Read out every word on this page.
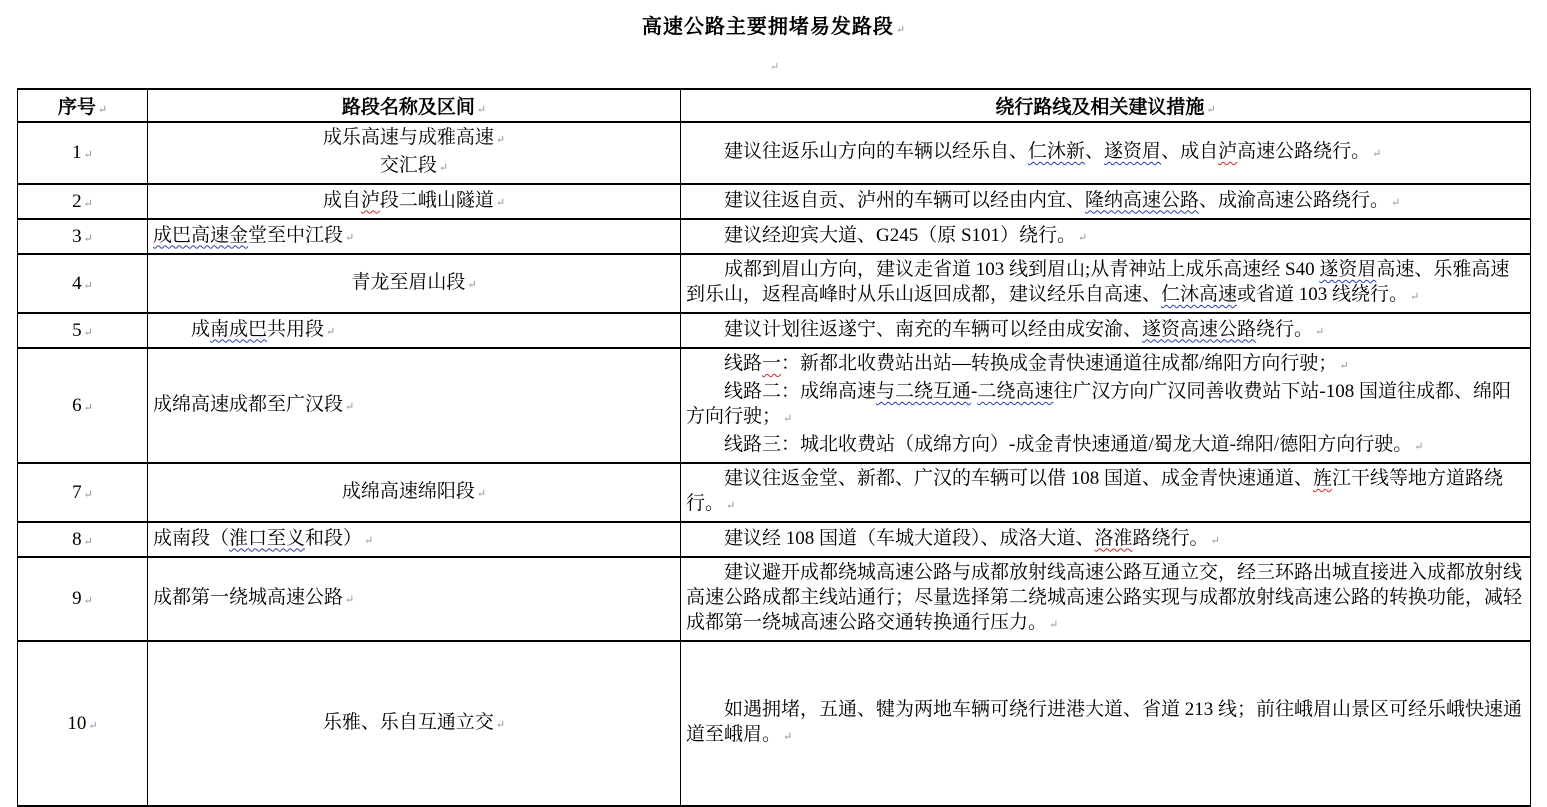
高速公路主要拥堵易发路段 ↵
↵
序号 ↵	路段名称及区间 ↵	绕行路线及相关建议措施 ↵
1 ↵	成乐高速与成雅高速 ↵
交汇段 ↵	建议往返乐山方向的车辆以经乐自、仁沐新、遂资眉、成自泸高速公路绕行。 ↵

2 ↵	成自泸段二峨山隧道 ↵	建议往返自贡、泸州的车辆可以经由内宜、隆纳高速公路、成渝高速公路绕行。 ↵

3 ↵	成巴高速金堂至中江段 ↵	建议经迎宾大道、G245（原 S101）绕行。 ↵

4 ↵	青龙至眉山段 ↵	成都到眉山方向，建议走省道 103 线到眉山;从青神站上成乐高速经 S40 遂资眉高速、乐雅高速到乐山，返程高峰时从乐山返回成都，建议经乐自高速、仁沐高速或省道 103 线绕行。 ↵

5 ↵	成南成巴共用段 ↵	建议计划往返遂宁、南充的车辆可以经由成安渝、遂资高速公路绕行。 ↵

6 ↵	成绵高速成都至广汉段 ↵	线路一：新都北收费站出站—转换成金青快速通道往成都/绵阳方向行驶； ↵

线路二：成绵高速与二绕互通-二绕高速往广汉方向广汉同善收费站下站-108 国道往成都、绵阳方向行驶； ↵

线路三：城北收费站（成绵方向）-成金青快速通道/蜀龙大道-绵阳/德阳方向行驶。 ↵

7 ↵	成绵高速绵阳段 ↵	建议往返金堂、新都、广汉的车辆可以借 108 国道、成金青快速通道、旌江干线等地方道路绕行。 ↵

8 ↵	成南段（淮口至义和段） ↵	建议经 108 国道（车城大道段）、成洛大道、洛淮路绕行。 ↵

9 ↵	成都第一绕城高速公路 ↵	建议避开成都绕城高速公路与成都放射线高速公路互通立交，经三环路出城直接进入成都放射线高速公路成都主线站通行；尽量选择第二绕城高速公路实现与成都放射线高速公路的转换功能，减轻成都第一绕城高速公路交通转换通行压力。 ↵

10 ↵	乐雅、乐自互通立交 ↵	如遇拥堵，五通、犍为两地车辆可绕行进港大道、省道 213 线；前往峨眉山景区可经乐峨快速通道至峨眉。 ↵
